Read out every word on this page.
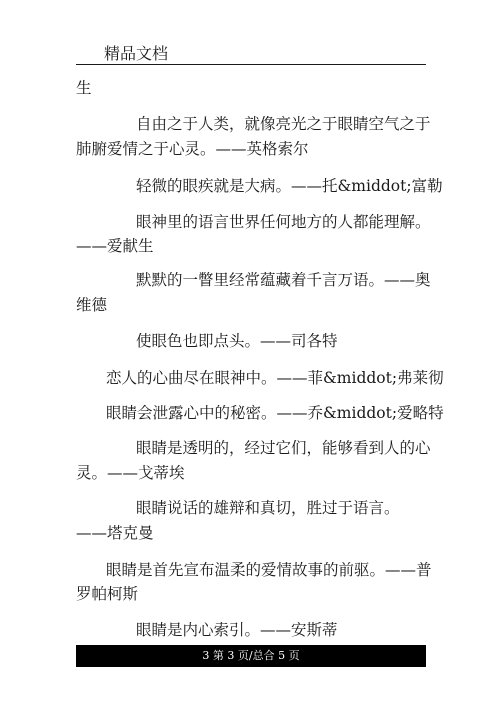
精品文档
生
自由之于人类，就像亮光之于眼睛空气之于
肺腑爱情之于心灵。——英格索尔
轻微的眼疾就是大病。——托&middot;富勒
眼神里的语言世界任何地方的人都能理解。
——爱献生
默默的一瞥里经常蕴藏着千言万语。——奥
维德
使眼色也即点头。——司各特
恋人的心曲尽在眼神中。——菲&middot;弗莱彻
眼睛会泄露心中的秘密。——乔&middot;爱略特
眼睛是透明的，经过它们，能够看到人的心
灵。——戈蒂埃
眼睛说话的雄辩和真切，胜过于语言。
——塔克曼
眼睛是首先宣布温柔的爱情故事的前驱。——普
罗帕柯斯
眼睛是内心索引。——安斯蒂
3 第 3 页/总合 5 页
